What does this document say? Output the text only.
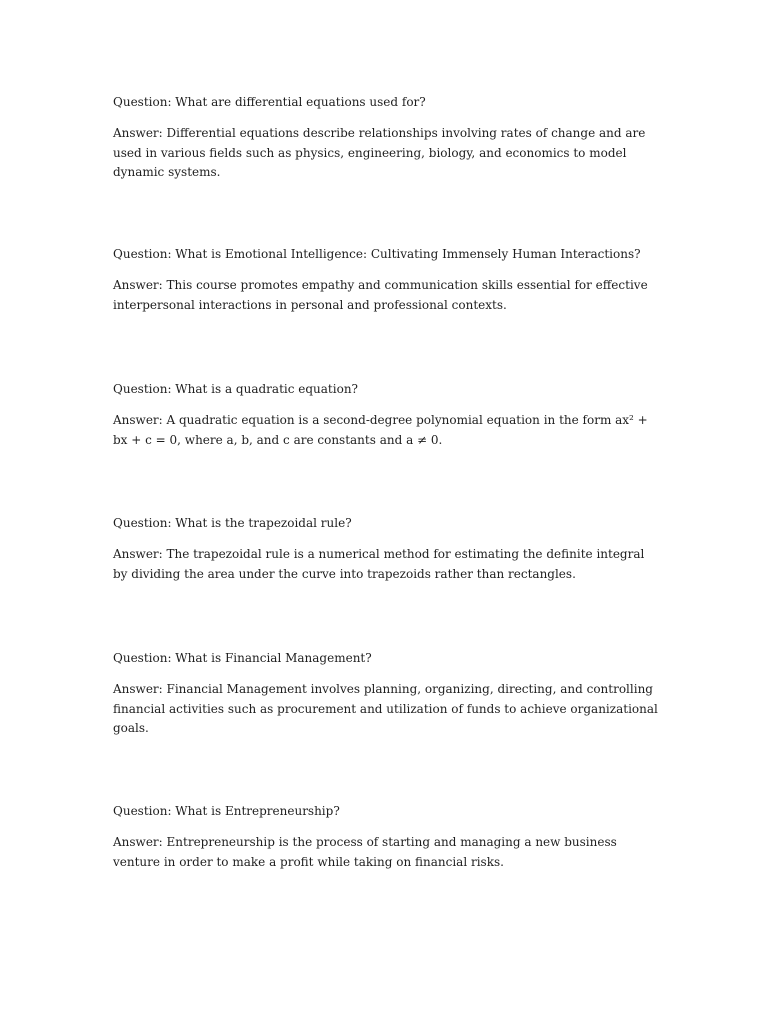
Question: What are differential equations used for?

Answer: Differential equations describe relationships involving rates of change and are used in various fields such as physics, engineering, biology, and economics to model dynamic systems.

Question: What is Emotional Intelligence: Cultivating Immensely Human Interactions?

Answer: This course promotes empathy and communication skills essential for effective interpersonal interactions in personal and professional contexts.

Question: What is a quadratic equation?

Answer: A quadratic equation is a second-degree polynomial equation in the form ax² + bx + c = 0, where a, b, and c are constants and a ≠ 0.

Question: What is the trapezoidal rule?

Answer: The trapezoidal rule is a numerical method for estimating the definite integral by dividing the area under the curve into trapezoids rather than rectangles.

Question: What is Financial Management?

Answer: Financial Management involves planning, organizing, directing, and controlling financial activities such as procurement and utilization of funds to achieve organizational goals.

Question: What is Entrepreneurship?

Answer: Entrepreneurship is the process of starting and managing a new business venture in order to make a profit while taking on financial risks.
